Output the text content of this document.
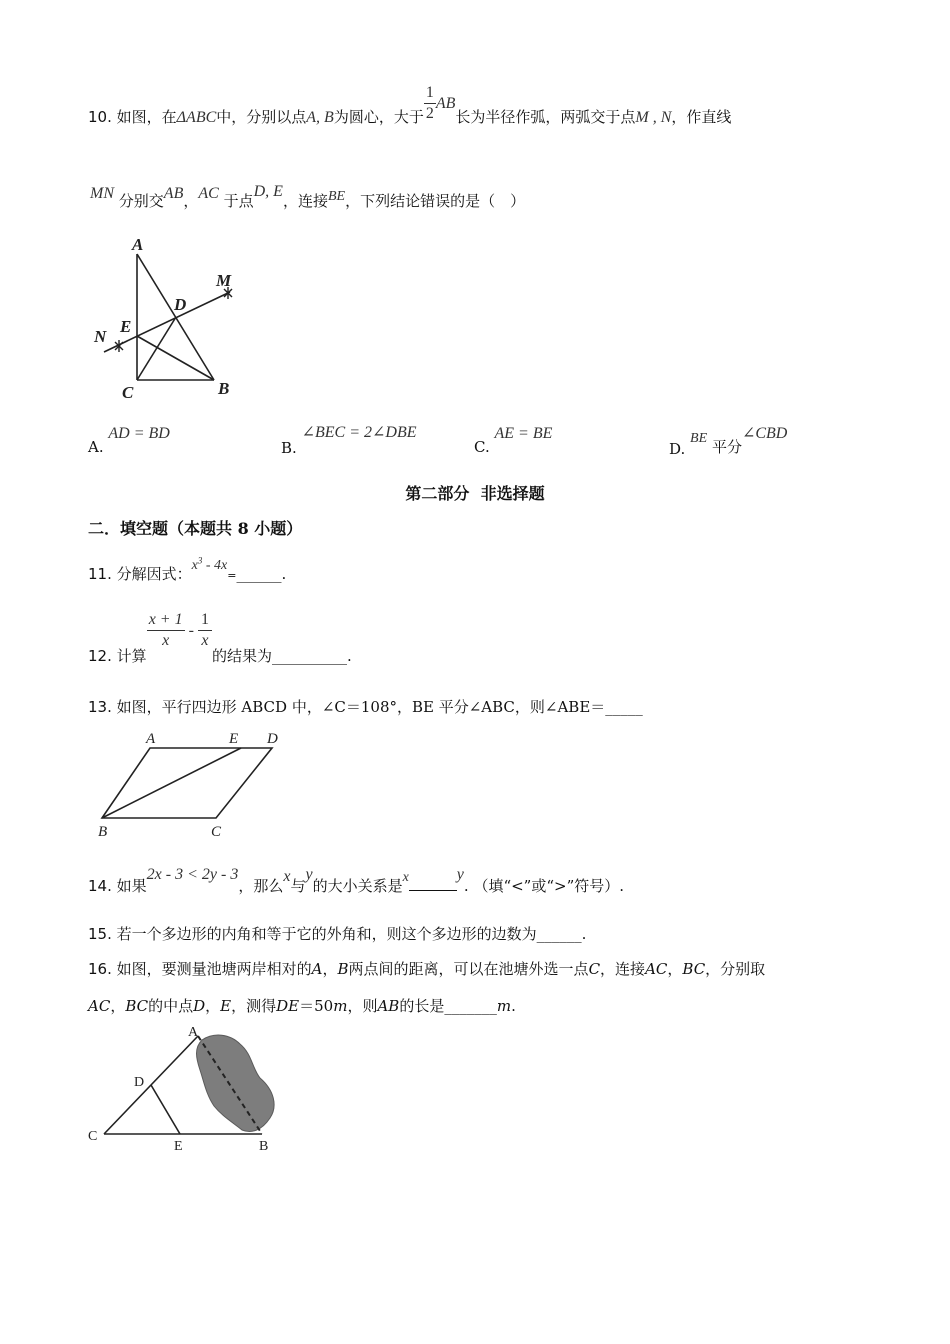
10. 如图，在ΔABC中，分别以点A, B为圆心，大于 $\frac{1}{2}$ AB长为半径作弧，两弧交于点M , N，作直线
MN 分别交AB，AC 于点D, E，连接BE，下列结论错误的是（　）
A
M
D
E
N
C	B
A. AD = BD
B. ∠BEC = 2∠DBE
C. AE = BE
D. BE 平分∠CBD
第二部分  非选择题
二．填空题（本题共 8 小题）
11. 分解因式：$x^3$ - 4x=______.
12. 计算
$\frac{x + 1}{x} - \frac{1}{x}$
的结果为__________.
13. 如图，平行四边形 ABCD 中，∠C＝108°，BE 平分∠ABC，则∠ABE＝_____
A	E D
B	C
14. 如果2x - 3 < 2y - 3，那么x与y的大小关系是x	y. （填“<”或“>”符号）.
15. 若一个多边形的内角和等于它的外角和，则这个多边形的边数为______.
16. 如图，要测量池塘两岸相对的A，B两点间的距离，可以在池塘外选一点C，连接AC，BC，分别取
AC，BC的中点D，E，测得DE＝50m，则AB的长是_______m.
A
D
C
E	B
